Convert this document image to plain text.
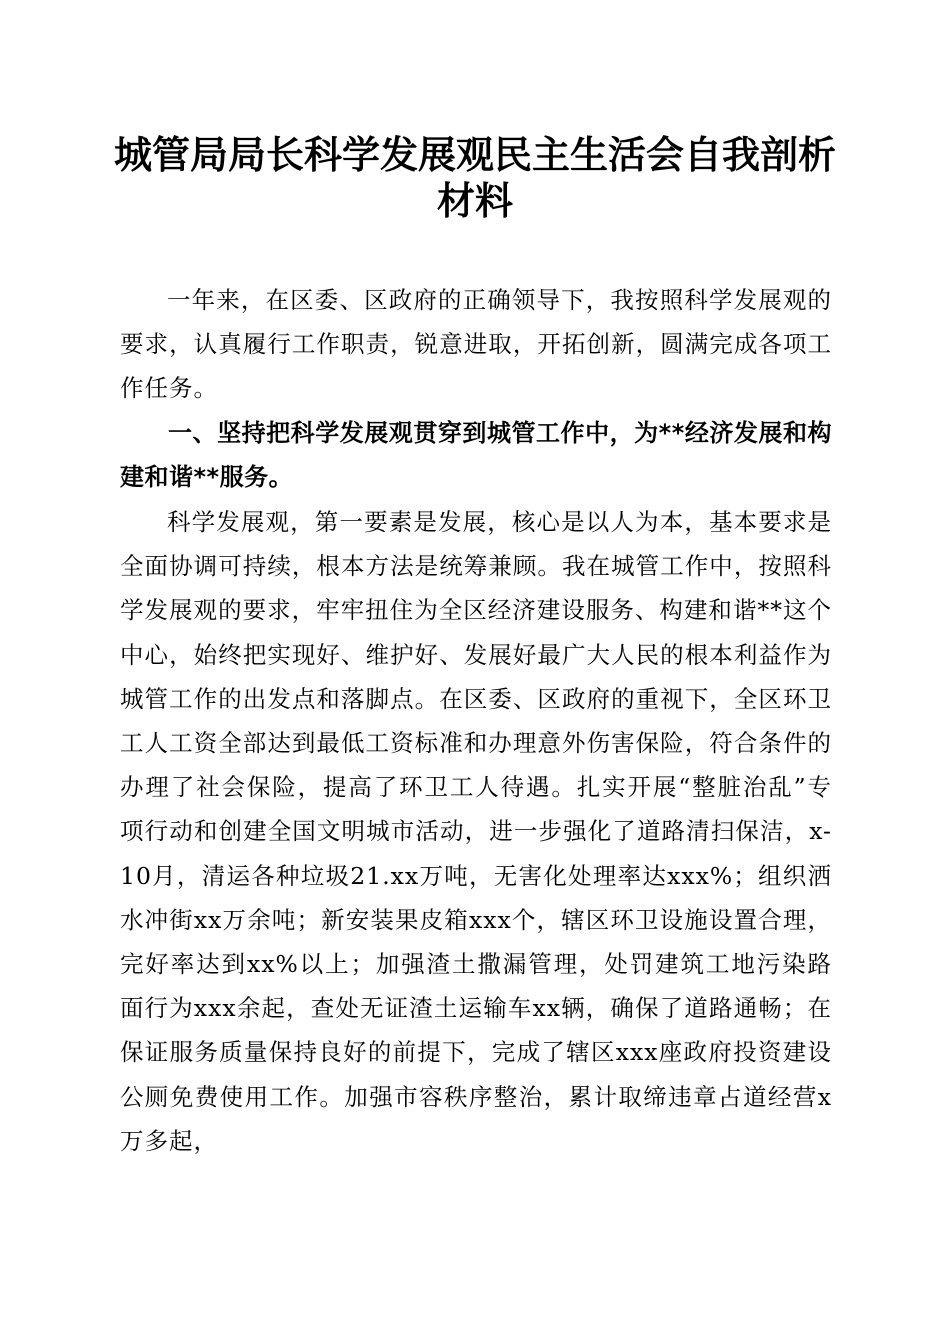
城管局局长科学发展观民主生活会自我剖析材料

一年来，在区委、区政府的正确领导下，我按照科学发展观的要求，认真履行工作职责，锐意进取，开拓创新，圆满完成各项工作任务。

一、坚持把科学发展观贯穿到城管工作中，为**经济发展和构建和谐**服务。

科学发展观，第一要素是发展，核心是以人为本，基本要求是全面协调可持续，根本方法是统筹兼顾。我在城管工作中，按照科学发展观的要求，牢牢扭住为全区经济建设服务、构建和谐**这个中心，始终把实现好、维护好、发展好最广大人民的根本利益作为城管工作的出发点和落脚点。在区委、区政府的重视下，全区环卫工人工资全部达到最低工资标准和办理意外伤害保险，符合条件的办理了社会保险，提高了环卫工人待遇。扎实开展“整脏治乱”专项行动和创建全国文明城市活动，进一步强化了道路清扫保洁，x-10月，清运各种垃圾21.xx万吨，无害化处理率达xxx%；组织洒水冲街xx万余吨；新安装果皮箱xxx个，辖区环卫设施设置合理，完好率达到xx%以上；加强渣土撒漏管理，处罚建筑工地污染路面行为xxx余起，查处无证渣土运输车xx辆，确保了道路通畅；在保证服务质量保持良好的前提下，完成了辖区xxx座政府投资建设公厕免费使用工作。加强市容秩序整治，累计取缔违章占道经营x万多起，
